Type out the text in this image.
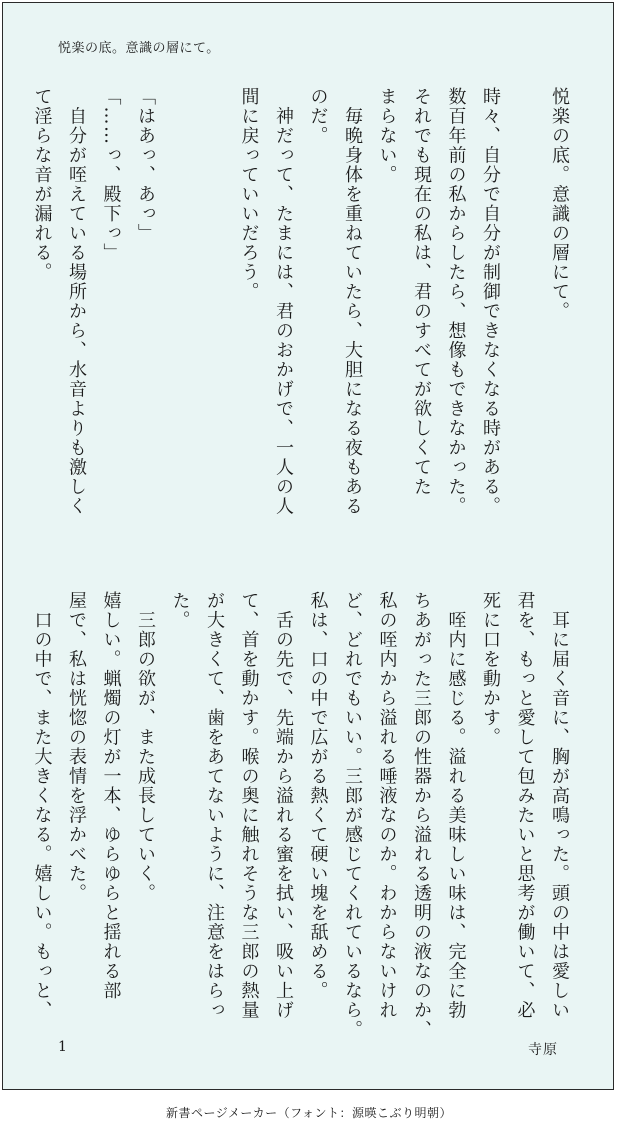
悦楽の底。意識の層にて。
悦楽の底。意識の層にて。

時々、自分で自分が制御できなくなる時がある。
数百年前の私からしたら、想像もできなかった。
それでも現在の私は、君のすべてが欲しくてた
まらない。
　毎晩身体を重ねていたら、大胆になる夜もある
のだ。
　神だって、たまには、君のおかげで、一人の人
間に戻っていいだろう。

「はあっ、あっ」
「……っ、殿下っ」
　自分が咥えている場所から、水音よりも激しく
て淫らな音が漏れる。
　耳に届く音に、胸が高鳴った。頭の中は愛しい
君を、もっと愛して包みたいと思考が働いて、必
死に口を動かす。
　咥内に感じる。溢れる美味しい味は、完全に勃
ちあがった三郎の性器から溢れる透明の液なのか、
私の咥内から溢れる唾液なのか。わからないけれ
ど、どれでもいい。三郎が感じてくれているなら。
私は、口の中で広がる熱くて硬い塊を舐める。
　舌の先で、先端から溢れる蜜を拭い、吸い上げ
て、首を動かす。喉の奥に触れそうな三郎の熱量
が大きくて、歯をあてないように、注意をはらっ
た。
　三郎の欲が、また成長していく。
嬉しい。蝋燭の灯が一本、ゆらゆらと揺れる部
屋で、私は恍惚の表情を浮かべた。
　口の中で、また大きくなる。嬉しい。もっと、
1	寺原
新書ページメーカー（フォント：源暎こぶり明朝）
